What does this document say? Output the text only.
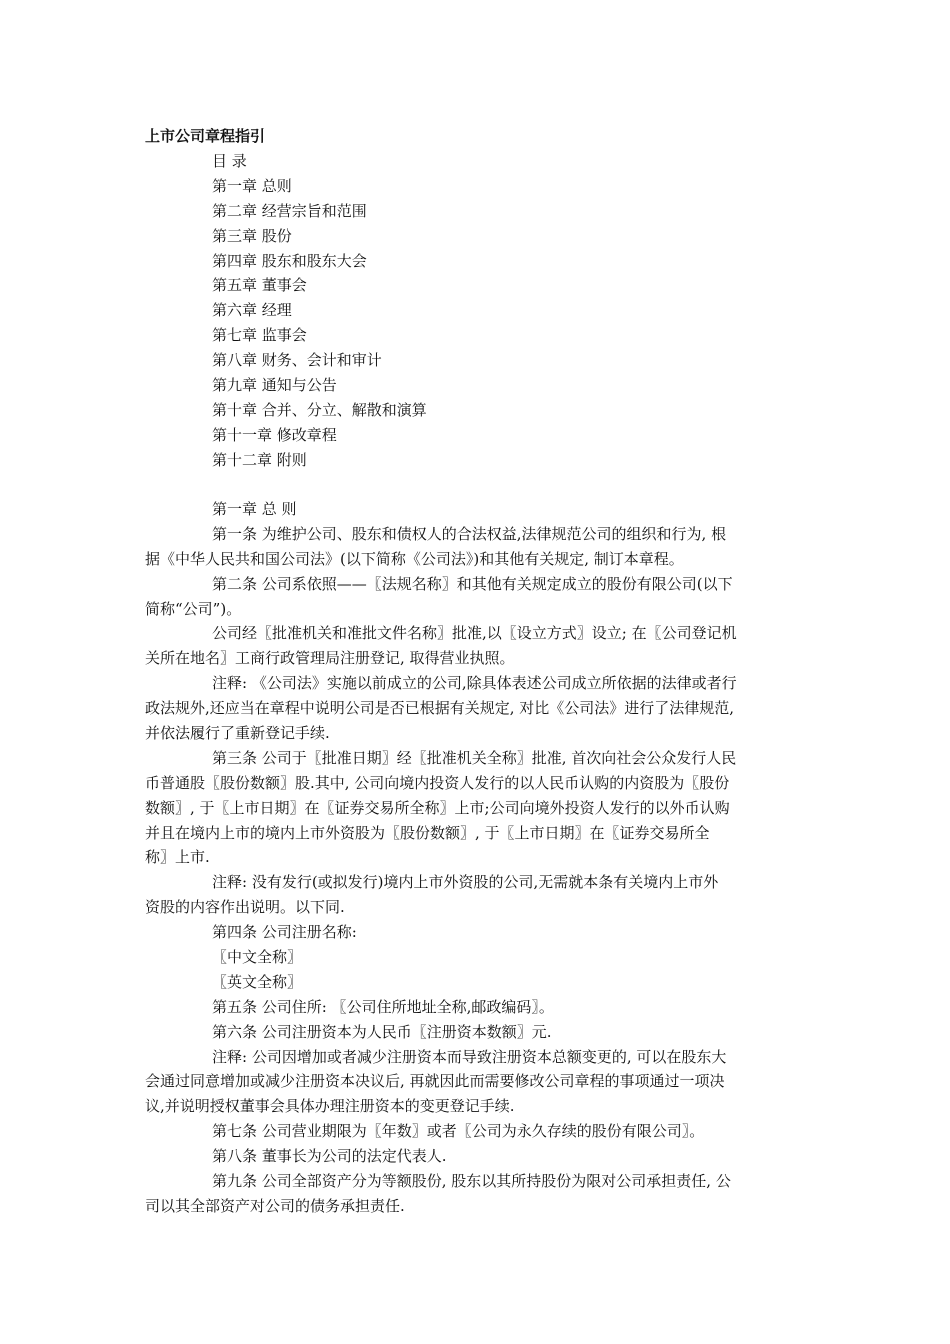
上市公司章程指引
目 录
第一章 总则
第二章 经营宗旨和范围
第三章 股份
第四章 股东和股东大会
第五章 董事会
第六章 经理
第七章 监事会
第八章 财务、会计和审计
第九章 通知与公告
第十章 合并、分立、解散和演算
第十一章 修改章程
第十二章 附则
第一章 总 则
第一条 为维护公司、股东和债权人的合法权益,法律规范公司的组织和行为, 根
据《中华人民共和国公司法》(以下简称《公司法》)和其他有关规定, 制订本章程。
第二条 公司系依照——〖法规名称〗和其他有关规定成立的股份有限公司(以下
简称“公司”)。
公司经〖批准机关和准批文件名称〗批准,以〖设立方式〗设立; 在〖公司登记机
关所在地名〗工商行政管理局注册登记, 取得营业执照。
注释: 《公司法》实施以前成立的公司,除具体表述公司成立所依据的法律或者行
政法规外,还应当在章程中说明公司是否已根据有关规定, 对比《公司法》进行了法律规范,
并依法履行了重新登记手续.
第三条 公司于〖批准日期〗经〖批准机关全称〗批准, 首次向社会公众发行人民
币普通股〖股份数额〗股.其中, 公司向境内投资人发行的以人民币认购的内资股为〖股份
数额〗, 于〖上市日期〗在〖证券交易所全称〗上市;公司向境外投资人发行的以外币认购
并且在境内上市的境内上市外资股为〖股份数额〗, 于〖上市日期〗在〖证券交易所全
称〗上市.
注释: 没有发行(或拟发行)境内上市外资股的公司,无需就本条有关境内上市外
资股的内容作出说明。以下同.
第四条 公司注册名称:
〖中文全称〗
〖英文全称〗
第五条 公司住所: 〖公司住所地址全称,邮政编码〗。
第六条 公司注册资本为人民币〖注册资本数额〗元.
注释: 公司因增加或者减少注册资本而导致注册资本总额变更的, 可以在股东大
会通过同意增加或减少注册资本决议后, 再就因此而需要修改公司章程的事项通过一项决
议,并说明授权董事会具体办理注册资本的变更登记手续.
第七条 公司营业期限为〖年数〗或者〖公司为永久存续的股份有限公司〗。
第八条 董事长为公司的法定代表人.
第九条 公司全部资产分为等额股份, 股东以其所持股份为限对公司承担责任, 公
司以其全部资产对公司的债务承担责任.
